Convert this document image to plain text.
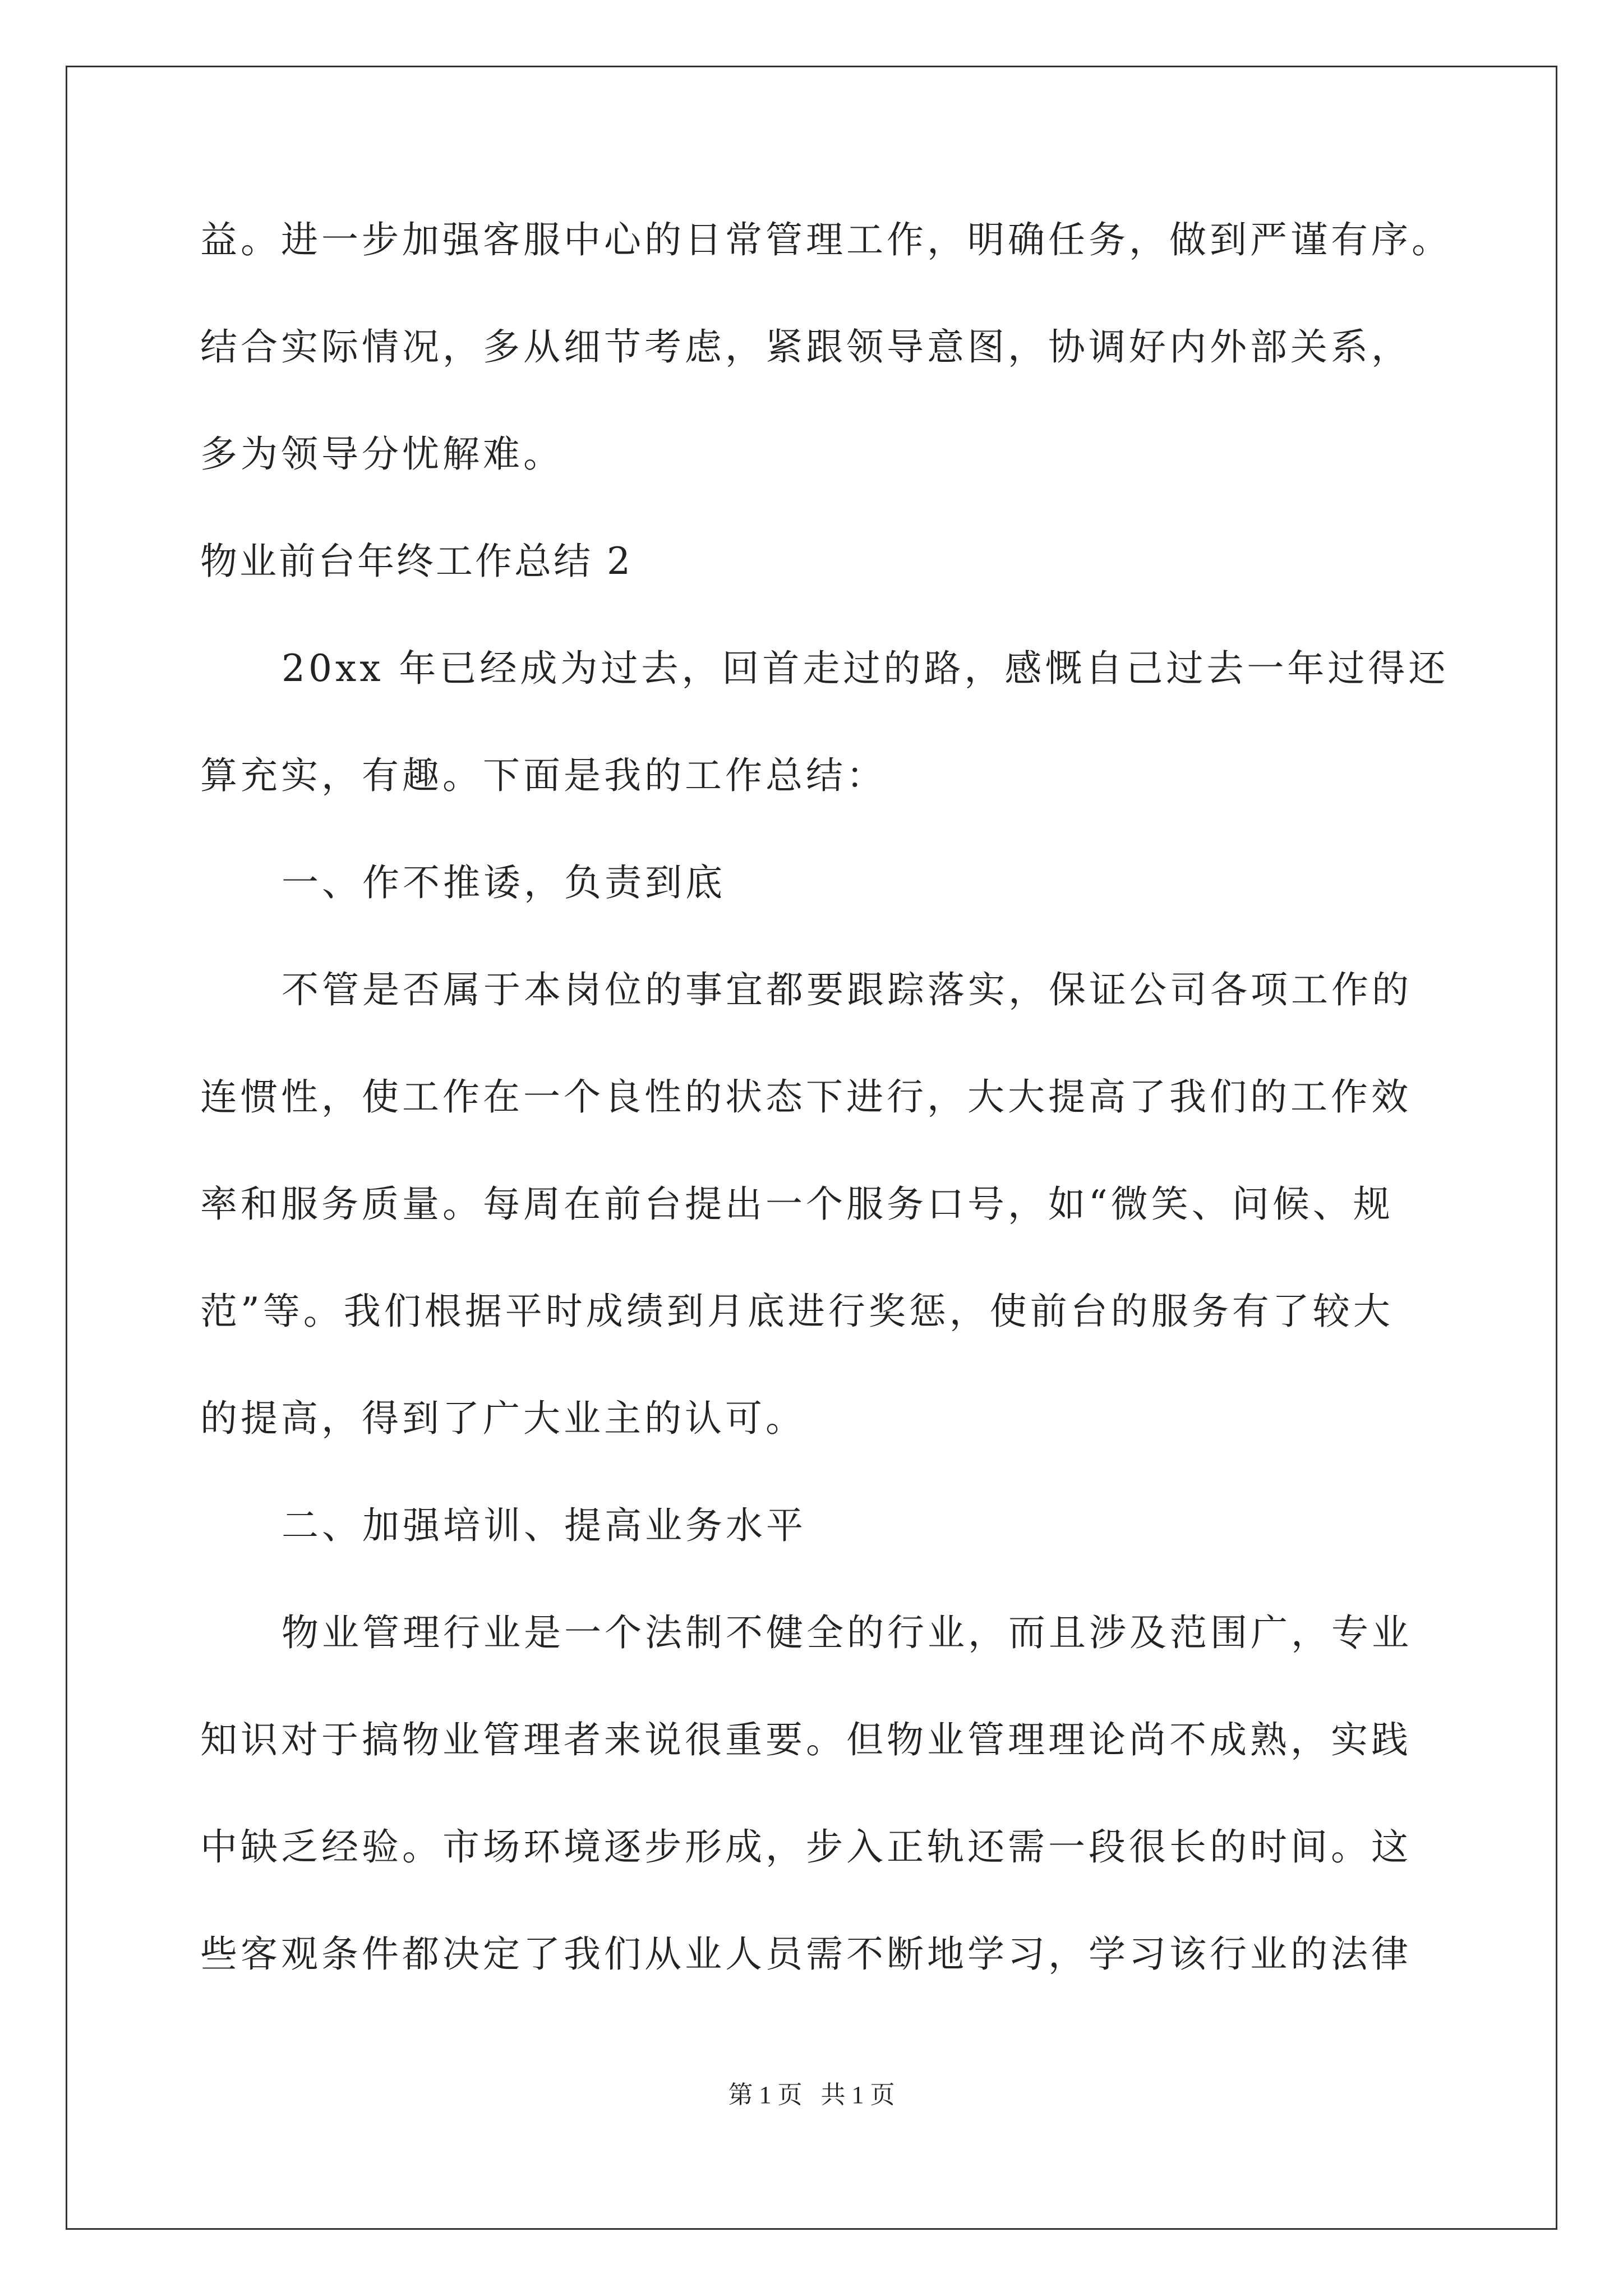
益。进一步加强客服中心的日常管理工作，明确任务，做到严谨有序。
结合实际情况，多从细节考虑，紧跟领导意图，协调好内外部关系，
多为领导分忧解难。
物业前台年终工作总结 2
20xx 年已经成为过去，回首走过的路，感慨自己过去一年过得还
算充实，有趣。下面是我的工作总结：
一、作不推诿，负责到底
不管是否属于本岗位的事宜都要跟踪落实，保证公司各项工作的
连惯性，使工作在一个良性的状态下进行，大大提高了我们的工作效
率和服务质量。每周在前台提出一个服务口号，如“微笑、问候、规
范”等。我们根据平时成绩到月底进行奖惩，使前台的服务有了较大
的提高，得到了广大业主的认可。
二、加强培训、提高业务水平
物业管理行业是一个法制不健全的行业，而且涉及范围广，专业
知识对于搞物业管理者来说很重要。但物业管理理论尚不成熟，实践
中缺乏经验。市场环境逐步形成，步入正轨还需一段很长的时间。这
些客观条件都决定了我们从业人员需不断地学习，学习该行业的法律
第 1 页   共 1 页
